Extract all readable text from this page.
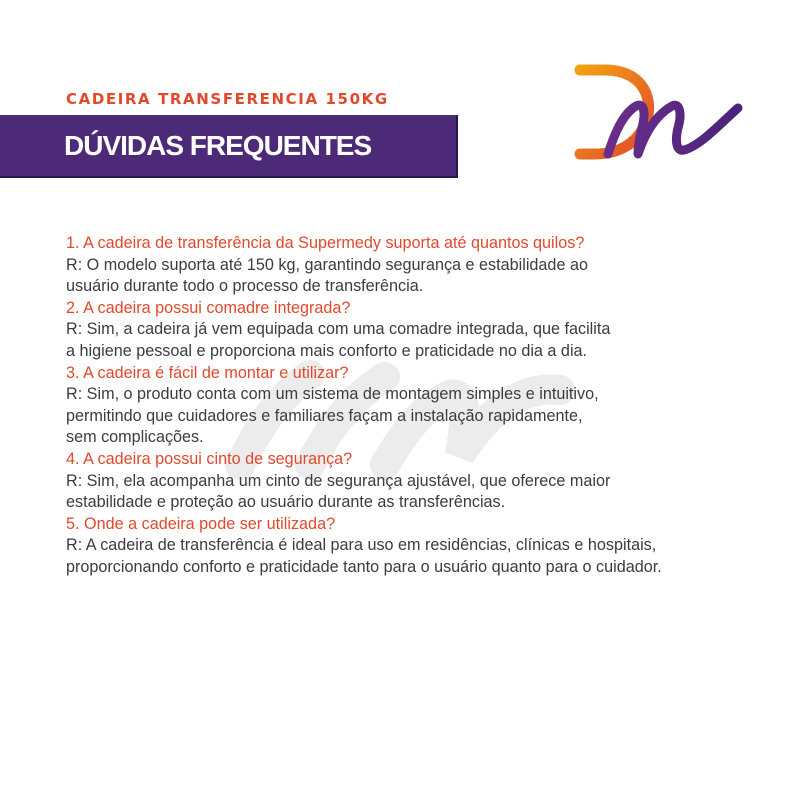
CADEIRA TRANSFERENCIA 150KG
DÚVIDAS FREQUENTES

1. A cadeira de transferência da Supermedy suporta até quantos quilos?

R: O modelo suporta até 150 kg, garantindo segurança e estabilidade ao

usuário durante todo o processo de transferência.

2. A cadeira possui comadre integrada?

R: Sim, a cadeira já vem equipada com uma comadre integrada, que facilita

a higiene pessoal e proporciona mais conforto e praticidade no dia a dia.

3. A cadeira é fácil de montar e utilizar?

R: Sim, o produto conta com um sistema de montagem simples e intuitivo,

permitindo que cuidadores e familiares façam a instalação rapidamente,

sem complicações.

4. A cadeira possui cinto de segurança?

R: Sim, ela acompanha um cinto de segurança ajustável, que oferece maior

estabilidade e proteção ao usuário durante as transferências.

5. Onde a cadeira pode ser utilizada?

R: A cadeira de transferência é ideal para uso em residências, clínicas e hospitais,

proporcionando conforto e praticidade tanto para o usuário quanto para o cuidador.
